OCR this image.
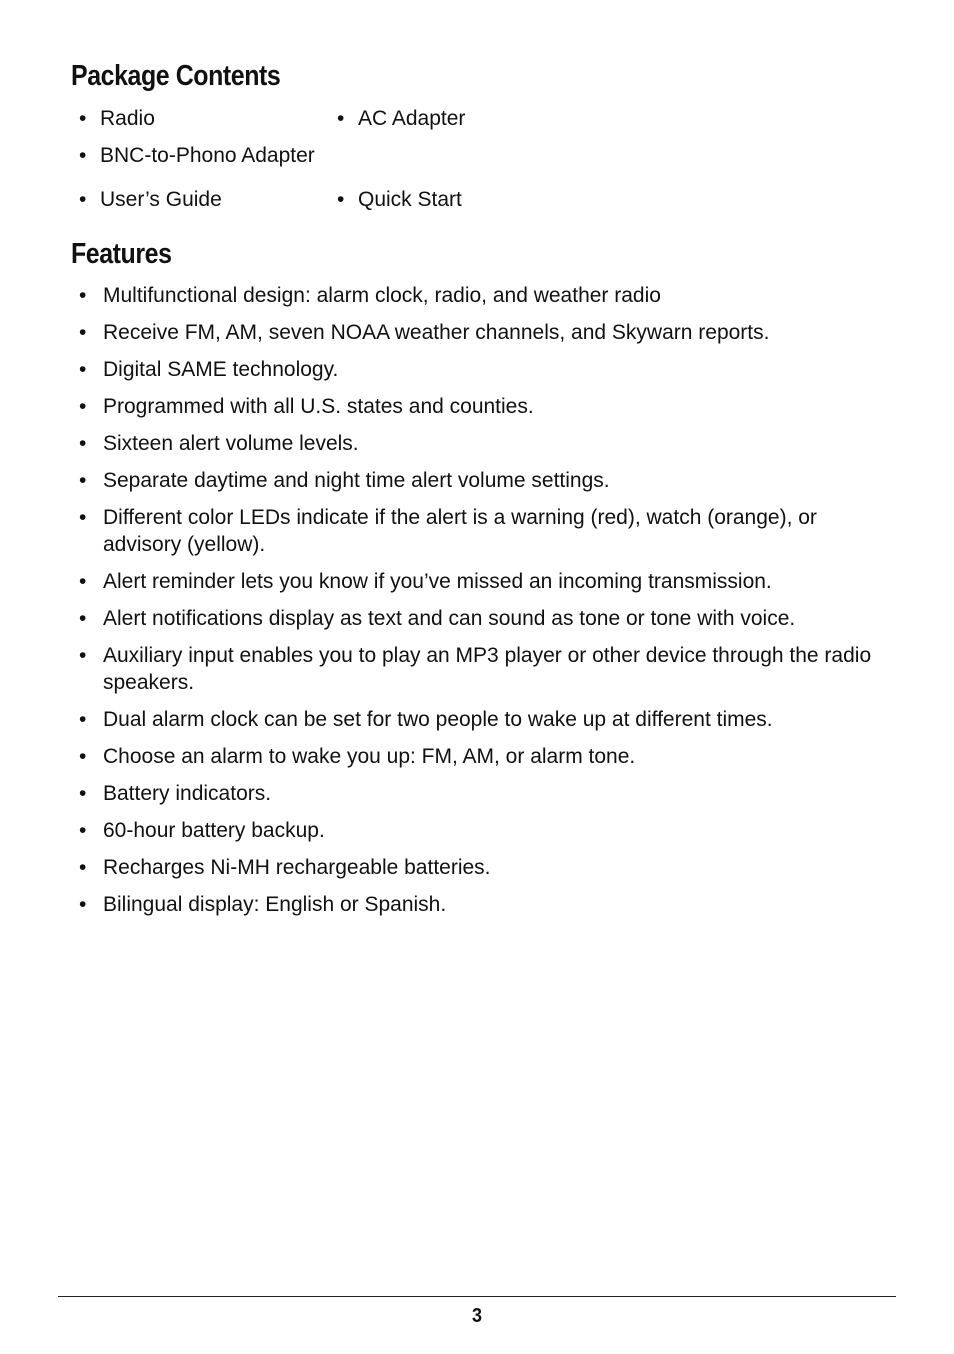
Package Contents
• Radio	• AC Adapter
• BNC-to-Phono Adapter
• User’s Guide	• Quick Start
Features
• Multifunctional design: alarm clock, radio, and weather radio
• Receive FM, AM, seven NOAA weather channels, and Skywarn reports.
• Digital SAME technology.
• Programmed with all U.S. states and counties.
• Sixteen alert volume levels.
• Separate daytime and night time alert volume settings.
• Different color LEDs indicate if the alert is a warning (red), watch (orange), or advisory (yellow).
• Alert reminder lets you know if you’ve missed an incoming transmission.
• Alert notifications display as text and can sound as tone or tone with voice.
• Auxiliary input enables you to play an MP3 player or other device through the radio speakers.
• Dual alarm clock can be set for two people to wake up at different times.
• Choose an alarm to wake you up: FM, AM, or alarm tone.
• Battery indicators.
• 60-hour battery backup.
• Recharges Ni-MH rechargeable batteries.
• Bilingual display: English or Spanish.
3
